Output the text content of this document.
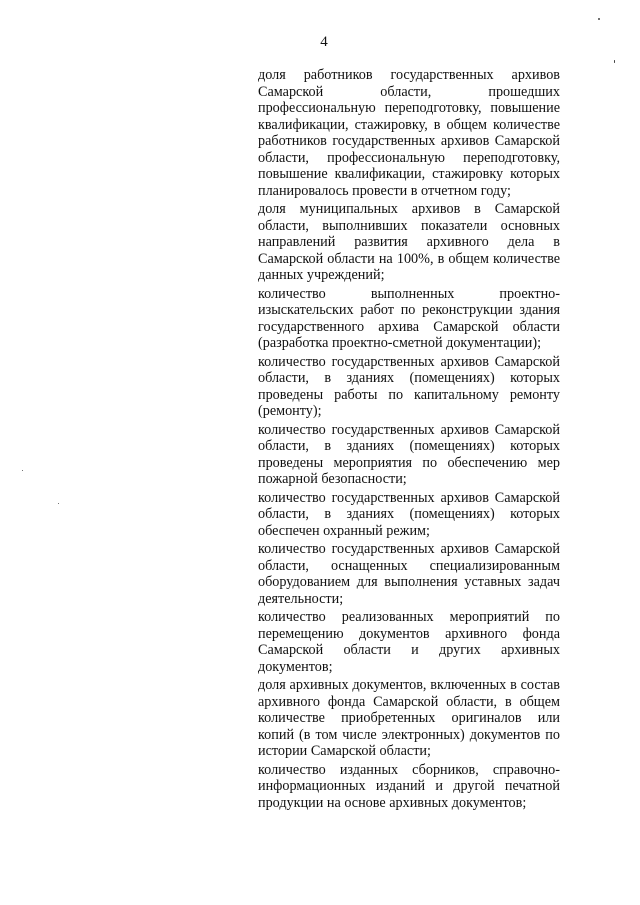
4

доля работников государственных архивов Самарской области, прошедших профессиональную переподготовку, повышение квалификации, стажировку, в общем количестве работников государственных архивов Самарской области, профессиональную переподготовку, повышение квалификации, стажировку которых планировалось провести в отчетном году;

доля муниципальных архивов в Самарской области, выполнивших показатели основных направлений развития архивного дела в Самарской области на 100%, в общем количестве данных учреждений;

количество выполненных проектно-изыскательских работ по реконструкции здания государственного архива Самарской области (разработка проектно-сметной документации);

количество государственных архивов Самарской области, в зданиях (помещениях) которых проведены работы по капитальному ремонту (ремонту);

количество государственных архивов Самарской области, в зданиях (помещениях) которых проведены мероприятия по обеспечению мер пожарной безопасности;

количество государственных архивов Самарской области, в зданиях (помещениях) которых обеспечен охранный режим;

количество государственных архивов Самарской области, оснащенных специализированным оборудованием для выполнения уставных задач деятельности;

количество реализованных мероприятий по перемещению документов архивного фонда Самарской области и других архивных документов;

доля архивных документов, включенных в состав архивного фонда Самарской области, в общем количестве приобретенных оригиналов или копий (в том числе электронных) документов по истории Самарской области;

количество изданных сборников, справочно-информационных изданий и другой печатной продукции на основе архивных документов;
